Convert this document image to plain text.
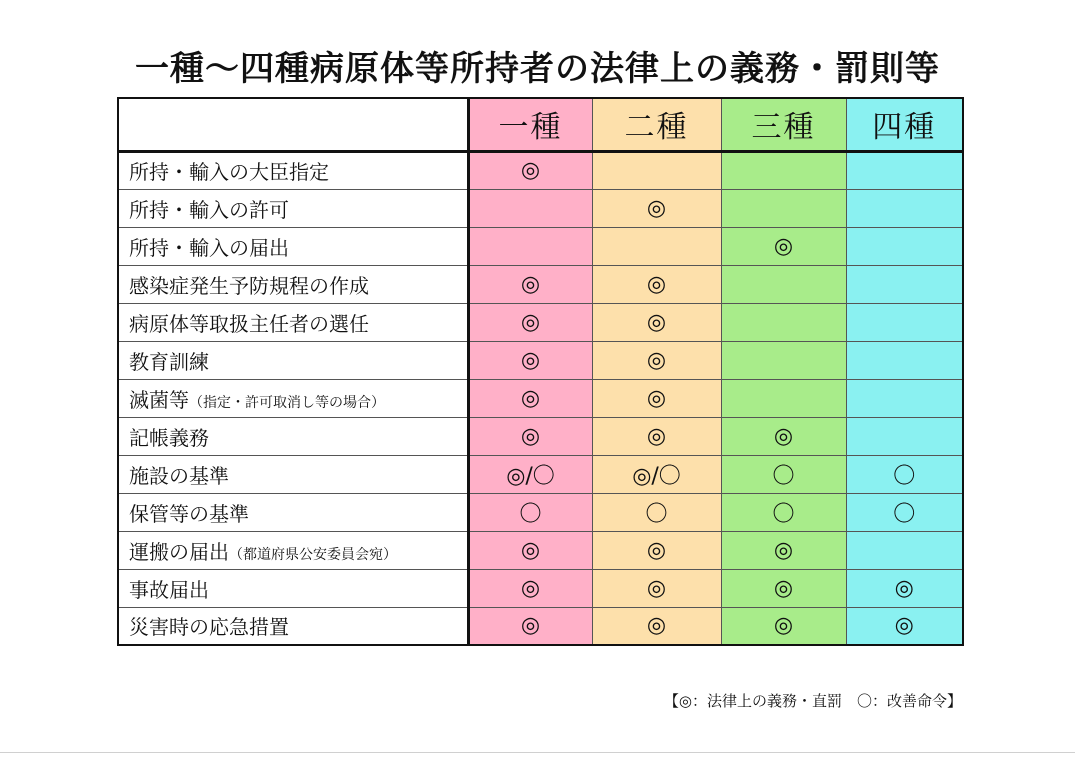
一種～四種病原体等所持者の法律上の義務・罰則等
	一種	二種	三種	四種
所持・輸入の大臣指定	◎			
所持・輸入の許可		◎		
所持・輸入の届出			◎	
感染症発生予防規程の作成	◎	◎		
病原体等取扱主任者の選任	◎	◎		
教育訓練	◎	◎		
滅菌等（指定・許可取消し等の場合）	◎	◎		
記帳義務	◎	◎	◎	
施設の基準	◎/〇	◎/〇	〇	〇
保管等の基準	〇	〇	〇	〇
運搬の届出（都道府県公安委員会宛）	◎	◎	◎	
事故届出	◎	◎	◎	◎
災害時の応急措置	◎	◎	◎	◎
【◎：法律上の義務・直罰　〇：改善命令】
